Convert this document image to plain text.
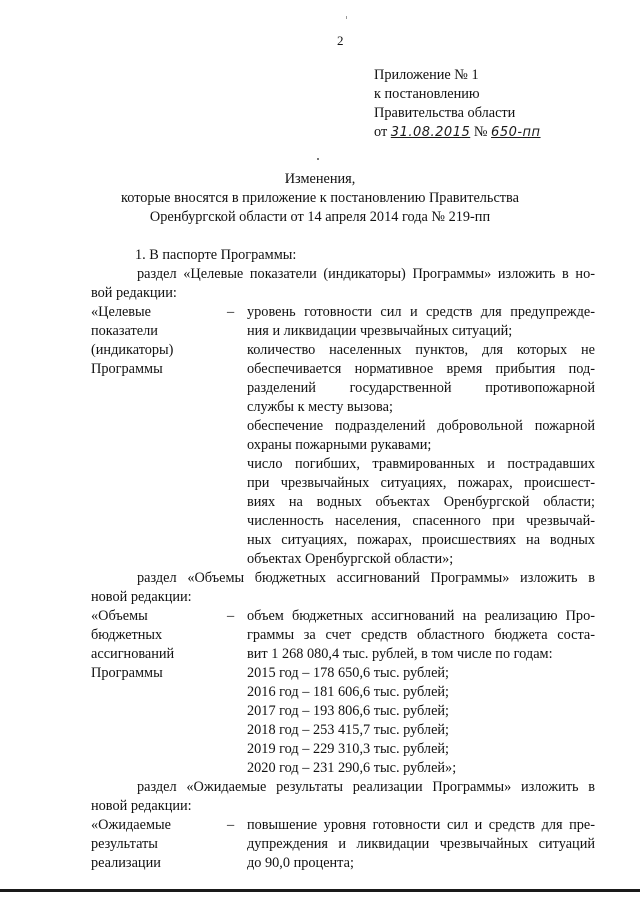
2
Приложение № 1
к постановлению
Правительства области
от 31.08.2015 № 650-пп
Изменения,
которые вносятся в приложение к постановлению Правительства
Оренбургской области от 14 апреля 2014 года № 219-пп
1. В паспорте Программы:
раздел «Целевые показатели (индикаторы) Программы» изложить в но-
вой редакции:
«Целевые
показатели
(индикаторы)
Программы
– уровень готовности сил и средств для предупрежде-
ния и ликвидации чрезвычайных ситуаций;
количество населенных пунктов, для которых не
обеспечивается нормативное время прибытия под-
разделений государственной противопожарной
службы к месту вызова;
обеспечение подразделений добровольной пожарной
охраны пожарными рукавами;
число погибших, травмированных и пострадавших
при чрезвычайных ситуациях, пожарах, происшест-
виях на водных объектах Оренбургской области;
численность населения, спасенного при чрезвычай-
ных ситуациях, пожарах, происшествиях на водных
объектах Оренбургской области»;
раздел «Объемы бюджетных ассигнований Программы» изложить в
новой редакции:
«Объемы
бюджетных
ассигнований
Программы
– объем бюджетных ассигнований на реализацию Про-
граммы за счет средств областного бюджета соста-
вит 1 268 080,4 тыс. рублей, в том числе по годам:
2015 год – 178 650,6 тыс. рублей;
2016 год – 181 606,6 тыс. рублей;
2017 год – 193 806,6 тыс. рублей;
2018 год – 253 415,7 тыс. рублей;
2019 год – 229 310,3 тыс. рублей;
2020 год – 231 290,6 тыс. рублей»;
раздел «Ожидаемые результаты реализации Программы» изложить в
новой редакции:
«Ожидаемые
результаты
реализации
– повышение уровня готовности сил и средств для пре-
дупреждения и ликвидации чрезвычайных ситуаций
до 90,0 процента;
